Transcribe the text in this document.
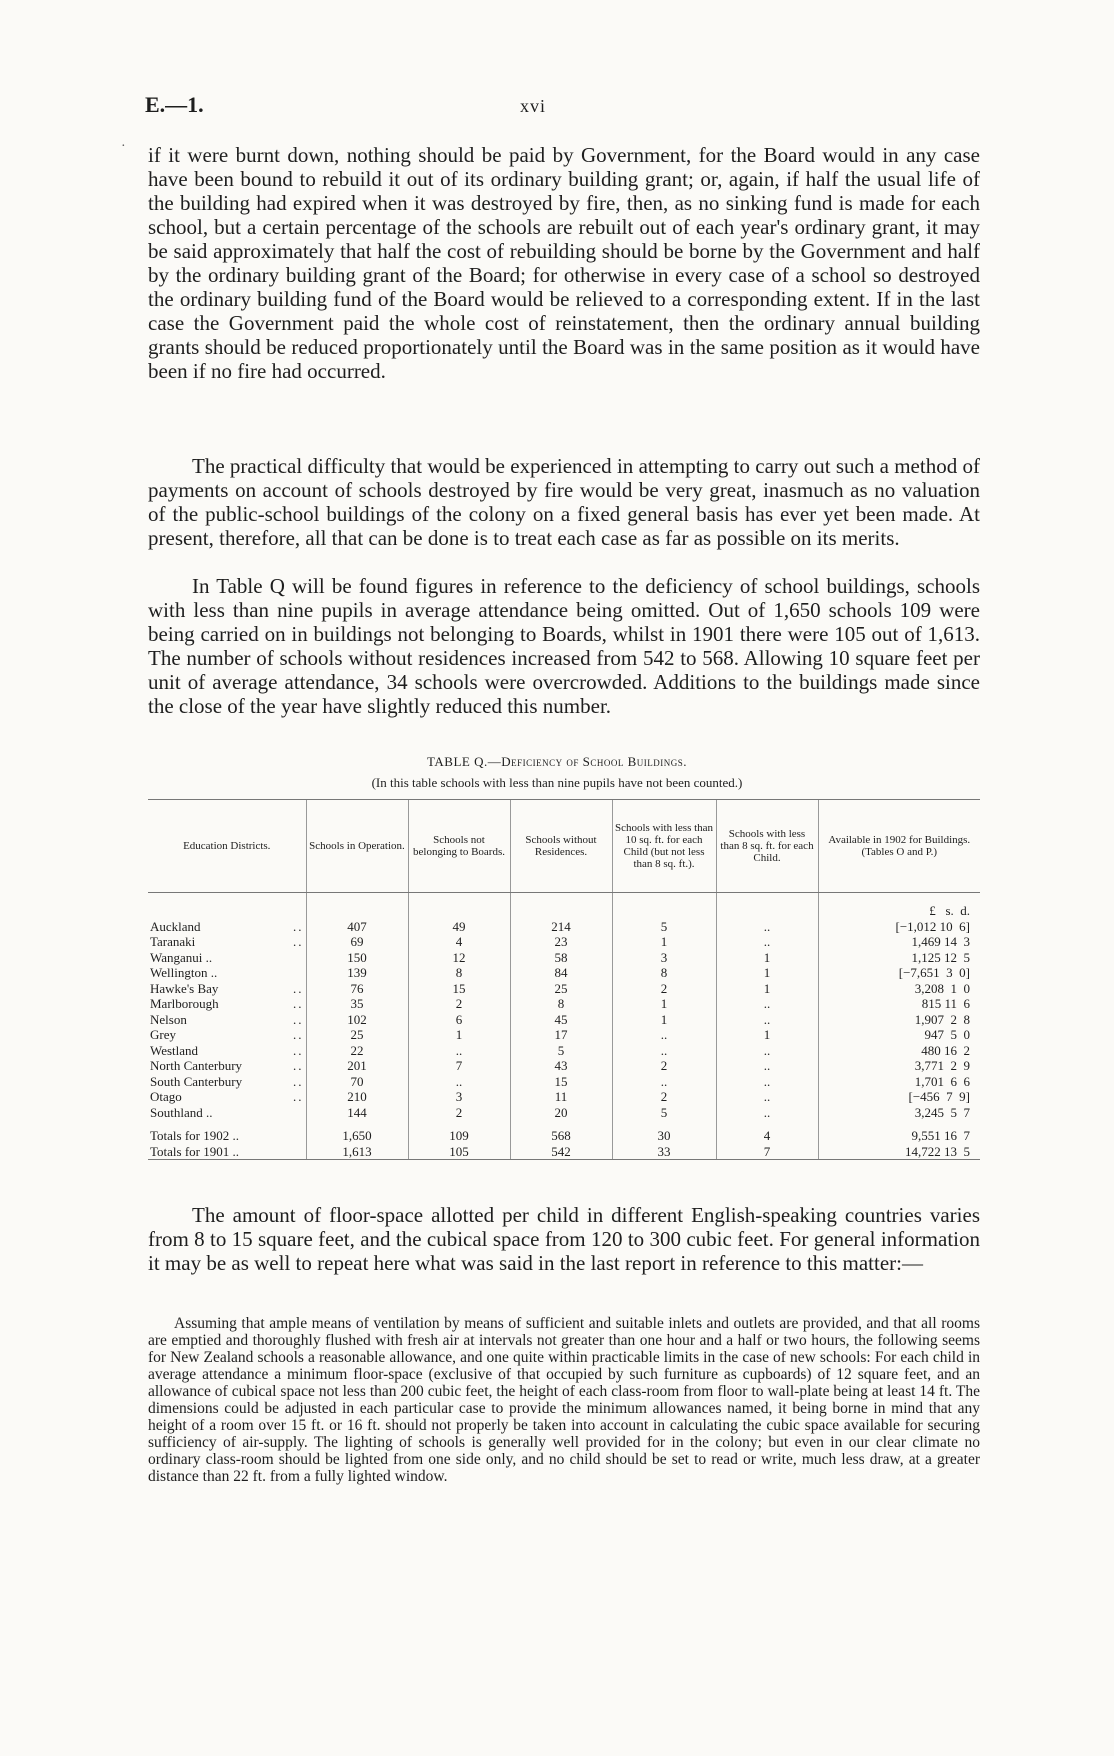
E.—1.	xvi
· if it were burnt down, nothing should be paid by Government, for the Board would in any case have been bound to rebuild it out of its ordinary building grant; or, again, if half the usual life of the building had expired when it was destroyed by fire, then, as no sinking fund is made for each school, but a certain percentage of the schools are rebuilt out of each year's ordinary grant, it may be said approximately that half the cost of rebuilding should be borne by the Government and half by the ordinary building grant of the Board; for otherwise in every case of a school so destroyed the ordinary building fund of the Board would be relieved to a corresponding extent. If in the last case the Government paid the whole cost of reinstatement, then the ordinary annual building grants should be reduced proportionately until the Board was in the same position as it would have been if no fire had occurred.

The practical difficulty that would be experienced in attempting to carry out such a method of payments on account of schools destroyed by fire would be very great, inasmuch as no valuation of the public-school buildings of the colony on a fixed general basis has ever yet been made. At present, therefore, all that can be done is to treat each case as far as possible on its merits.

In Table Q will be found figures in reference to the deficiency of school buildings, schools with less than nine pupils in average attendance being omitted. Out of 1,650 schools 109 were being carried on in buildings not belonging to Boards, whilst in 1901 there were 105 out of 1,613. The number of schools without residences increased from 542 to 568. Allowing 10 square feet per unit of average attendance, 34 schools were overcrowded. Additions to the buildings made since the close of the year have slightly reduced this number.

TABLE Q.—Deficiency of School Buildings.
(In this table schools with less than nine pupils have not been counted.)
Education Districts.	Schools in Operation.	Schools not belonging to Boards.	Schools without Residences.	Schools with less than 10 sq. ft. for each Child (but not less than 8 sq. ft.).	Schools with less than 8 sq. ft. for each Child.	Available in 1902 for Buildings. (Tables O and P.)

						£   s.  d.
Auckland ..	407	49	214	5	..	[−1,012 10  6]
Taranaki ..	69	4	23	1	..	1,469 14  3
Wanganui ..	150	12	58	3	1	1,125 12  5
Wellington ..	139	8	84	8	1	[−7,651  3  0]
Hawke's Bay ..	76	15	25	2	1	3,208  1  0
Marlborough ..	35	2	8	1	..	815 11  6
Nelson ..	102	6	45	1	..	1,907  2  8
Grey ..	25	1	17	..	1	947  5  0
Westland ..	22	..	5	..	..	480 16  2
North Canterbury ..	201	7	43	2	..	3,771  2  9
South Canterbury ..	70	..	15	..	..	1,701  6  6
Otago ..	210	3	11	2	..	[−456  7  9]
Southland ..	144	2	20	5	..	3,245  5  7

Totals for 1902 ..	1,650	109	568	30	4	9,551 16  7
Totals for 1901 ..	1,613	105	542	33	7	14,722 13  5

The amount of floor-space allotted per child in different English-speaking countries varies from 8 to 15 square feet, and the cubical space from 120 to 300 cubic feet. For general information it may be as well to repeat here what was said in the last report in reference to this matter:—

Assuming that ample means of ventilation by means of sufficient and suitable inlets and outlets are provided, and that all rooms are emptied and thoroughly flushed with fresh air at intervals not greater than one hour and a half or two hours, the following seems for New Zealand schools a reasonable allowance, and one quite within practicable limits in the case of new schools: For each child in average attendance a minimum floor-space (exclusive of that occupied by such furniture as cupboards) of 12 square feet, and an allowance of cubical space not less than 200 cubic feet, the height of each class-room from floor to wall-plate being at least 14 ft. The dimensions could be adjusted in each particular case to provide the minimum allowances named, it being borne in mind that any height of a room over 15 ft. or 16 ft. should not properly be taken into account in calculating the cubic space available for securing sufficiency of air-supply. The lighting of schools is generally well provided for in the colony; but even in our clear climate no ordinary class-room should be lighted from one side only, and no child should be set to read or write, much less draw, at a greater distance than 22 ft. from a fully lighted window.
